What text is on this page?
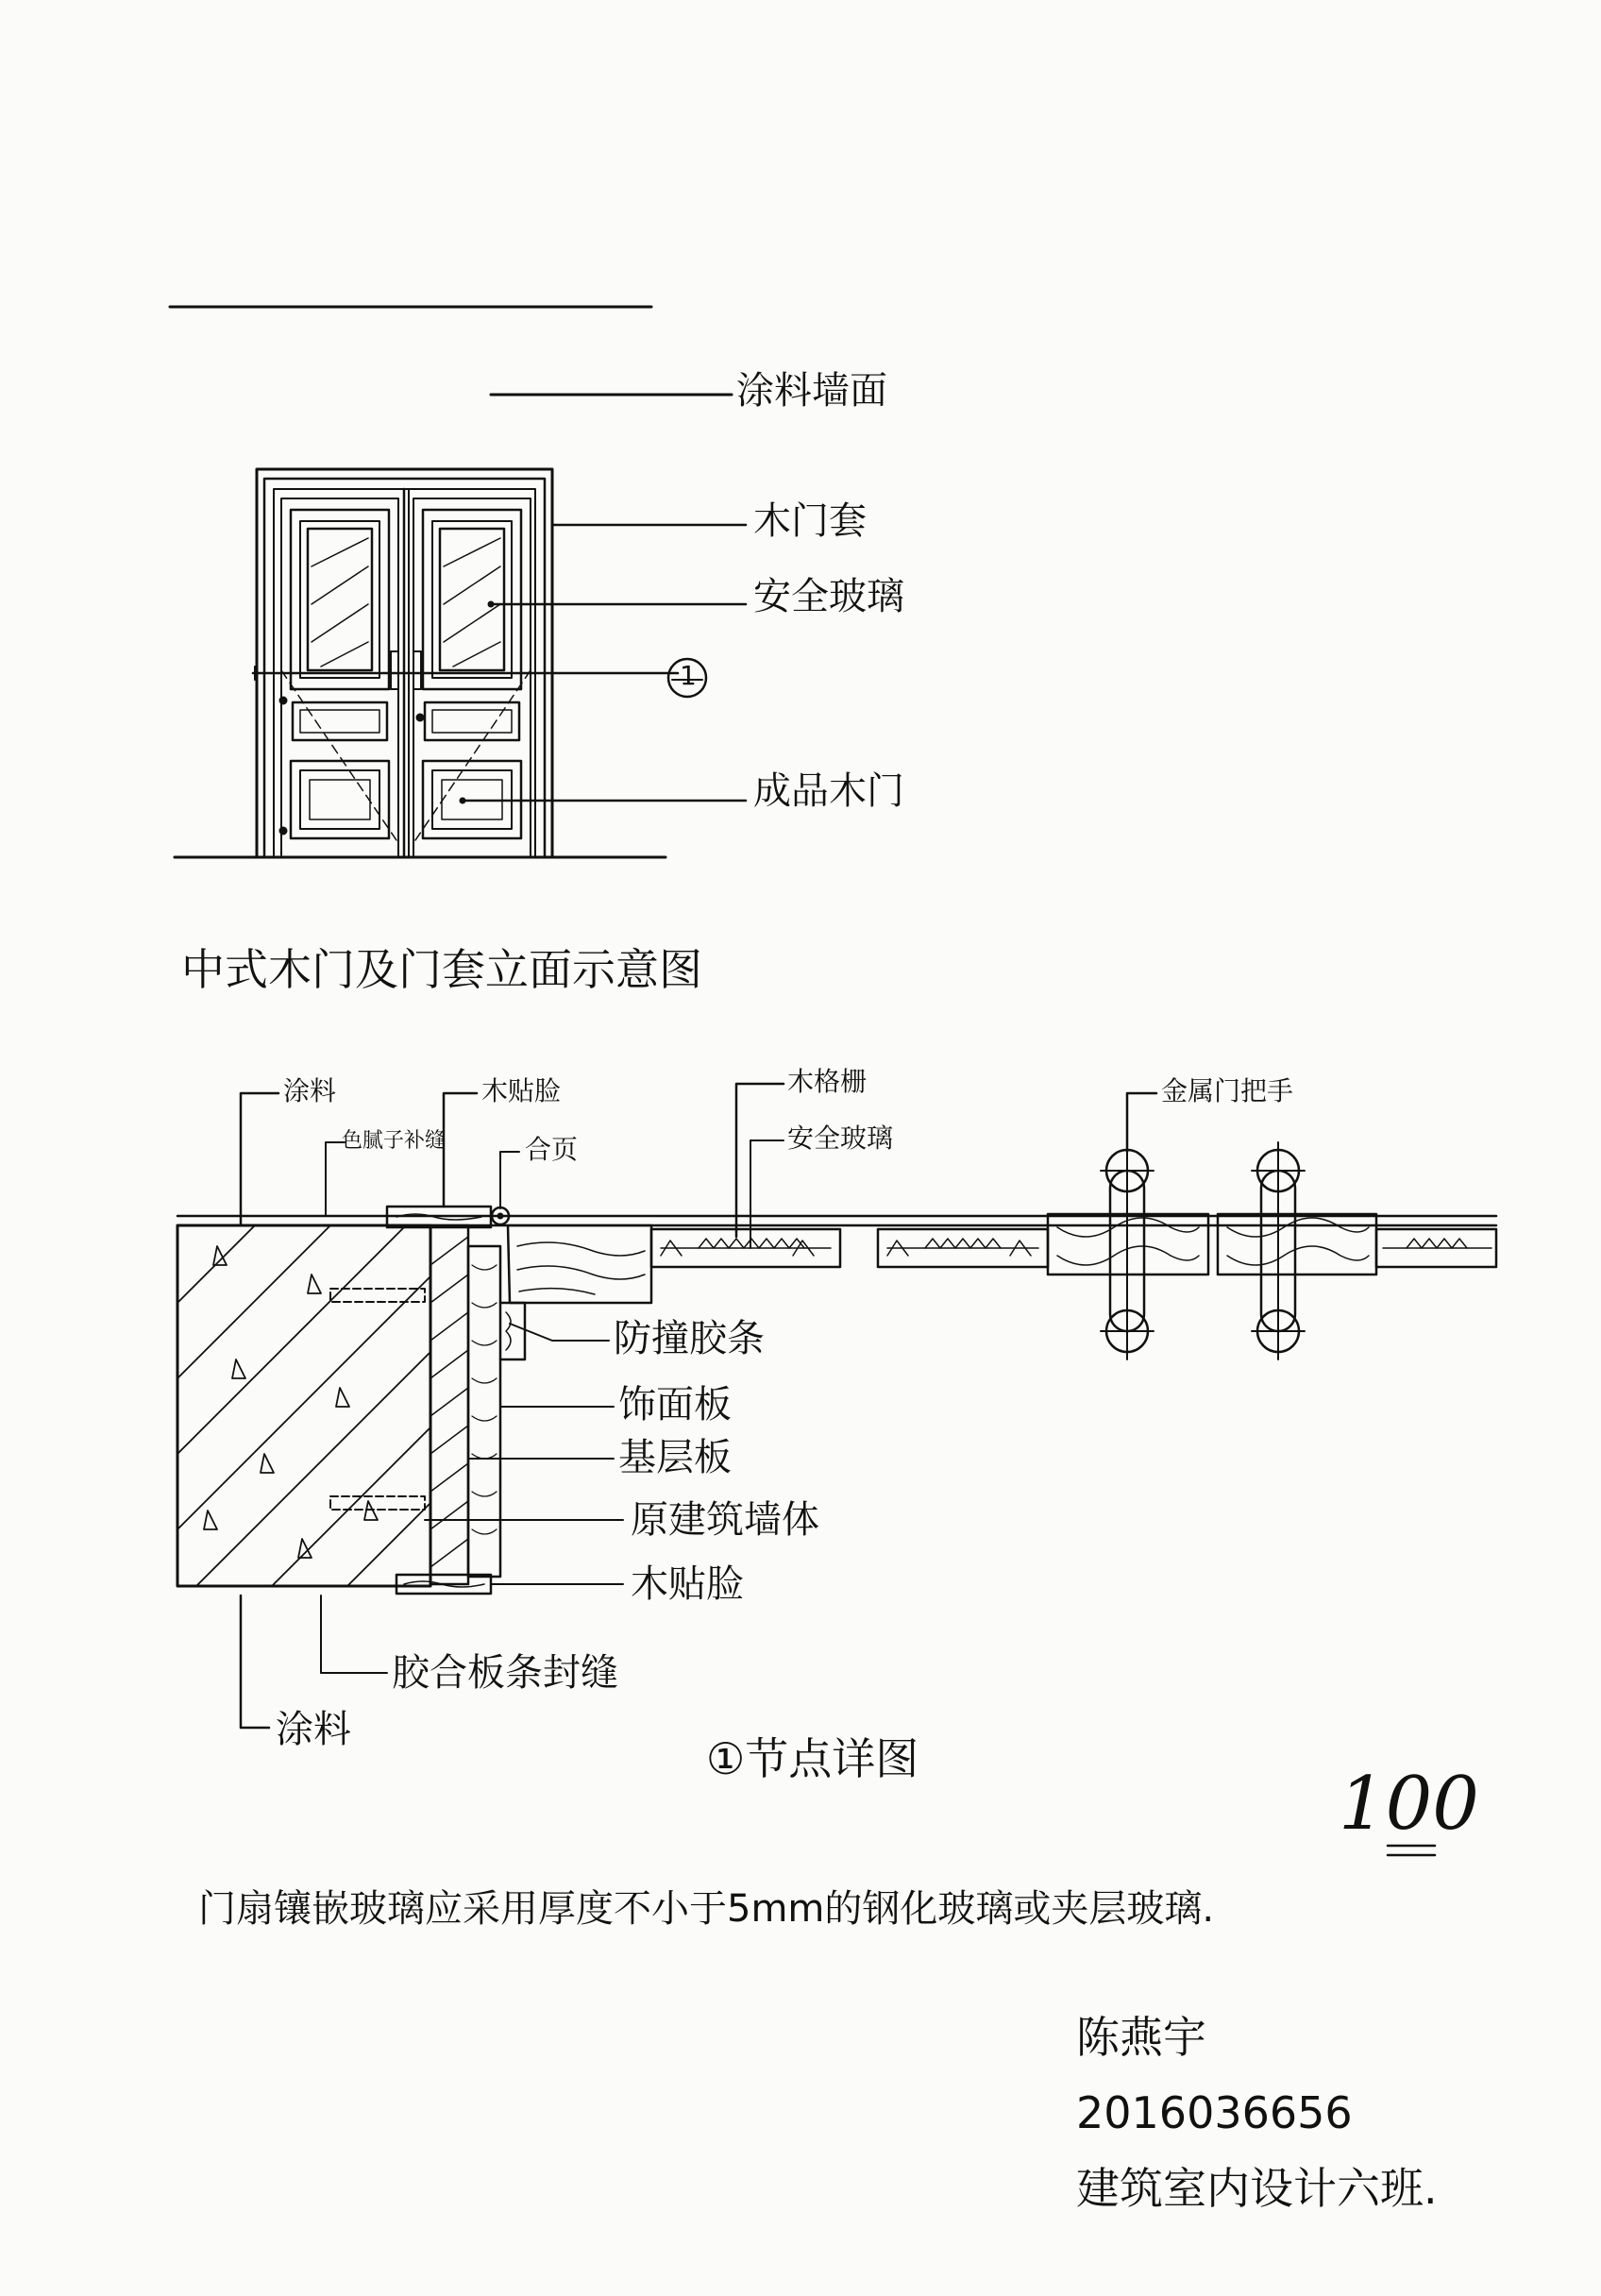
涂料墙面
木门套
安全玻璃
成品木门
1
中式木门及门套立面示意图
涂料
色腻子补缝
木贴脸
合页
木格栅
安全玻璃
金属门把手
防撞胶条
饰面板
基层板
原建筑墙体
木贴脸
胶合板条封缝
涂料
①节点详图
100
门扇镶嵌玻璃应采用厚度不小于5mm的钢化玻璃或夹层玻璃.
陈燕宇
2016036656
建筑室内设计六班.
